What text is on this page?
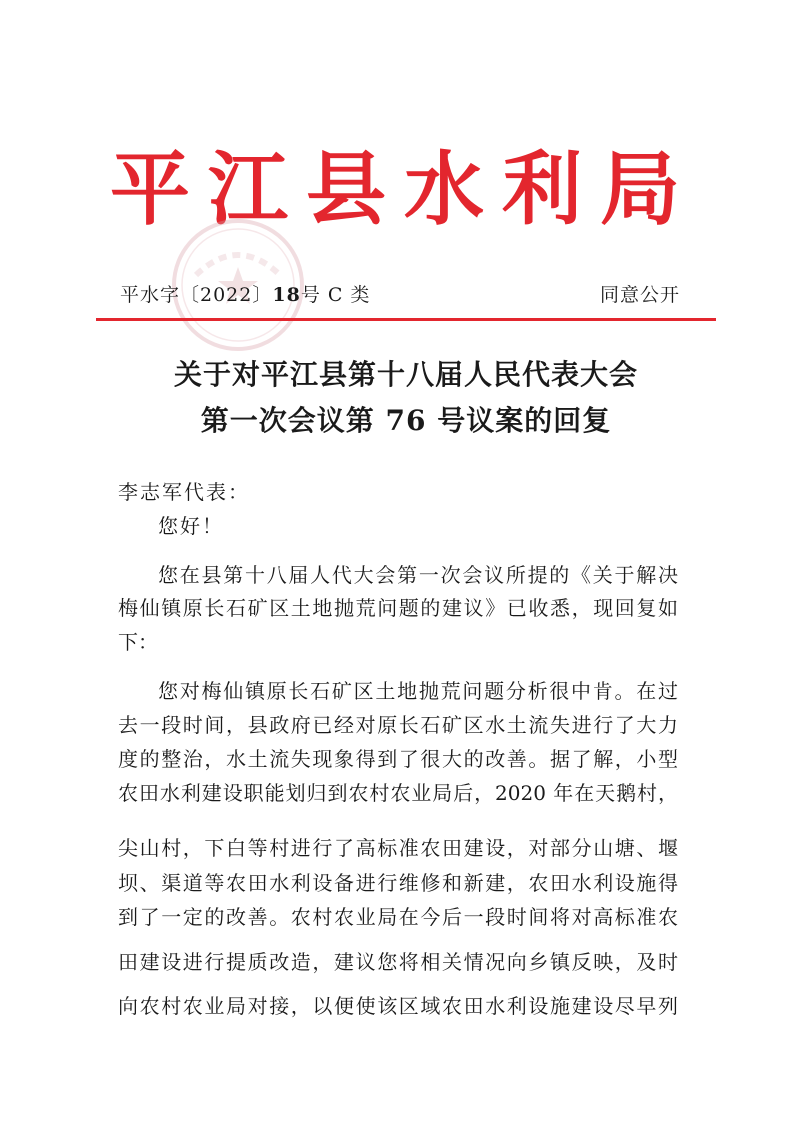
平 江 县 水 利 局
平水字〔2022〕18号 C 类	同意公开
关于对平江县第十八届人民代表大会
第一次会议第 76 号议案的回复
李志军代表：
您好！
您在县第十八届人代大会第一次会议所提的《关于解决
梅仙镇原长石矿区土地抛荒问题的建议》已收悉，现回复如
下：
您对梅仙镇原长石矿区土地抛荒问题分析很中肯。在过
去一段时间，县政府已经对原长石矿区水土流失进行了大力
度的整治，水土流失现象得到了很大的改善。据了解，小型
农田水利建设职能划归到农村农业局后，2020 年在天鹅村，
尖山村，下白等村进行了高标准农田建设，对部分山塘、堰
坝、渠道等农田水利设备进行维修和新建，农田水利设施得
到了一定的改善。农村农业局在今后一段时间将对高标准农
田建设进行提质改造，建议您将相关情况向乡镇反映，及时
向农村农业局对接，以便使该区域农田水利设施建设尽早列
